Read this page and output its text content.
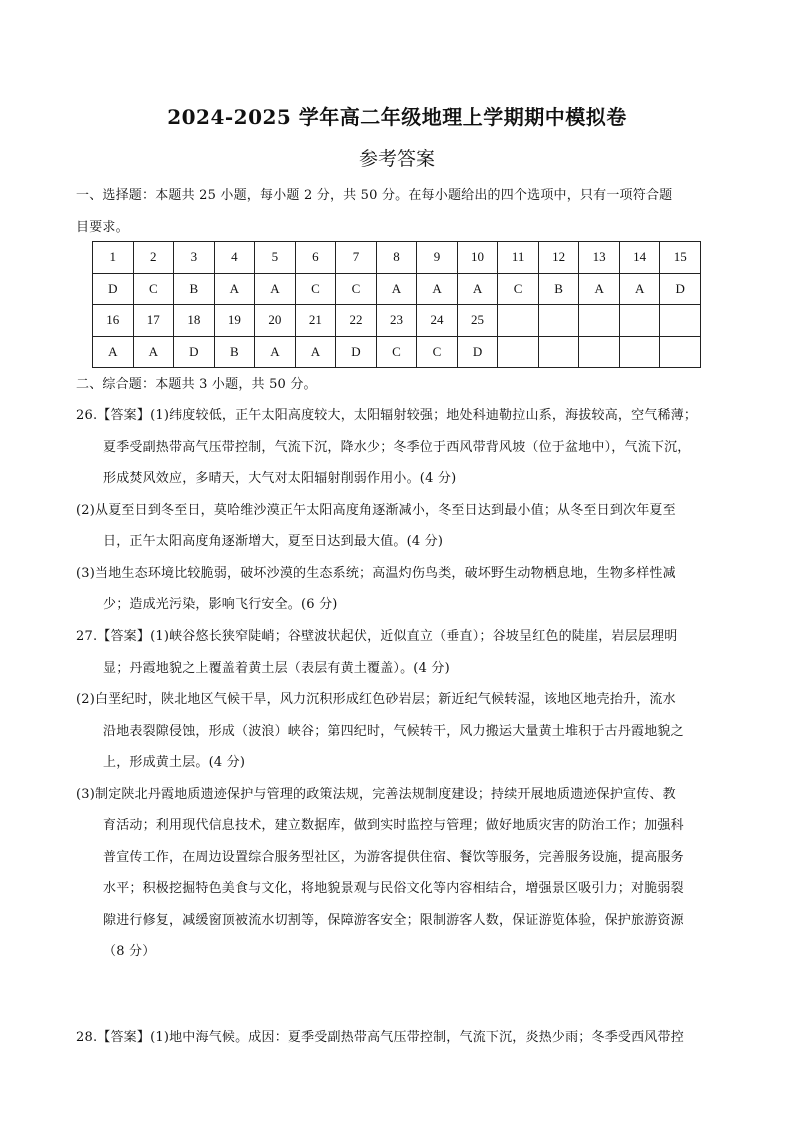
2024-2025 学年高二年级地理上学期期中模拟卷
参考答案
一、选择题：本题共 25 小题，每小题 2 分，共 50 分。在每小题给出的四个选项中，只有一项符合题
目要求。
1	2	3	4	5	6	7	8	9	10	11	12	13	14	15
D	C	B	A	A	C	C	A	A	A	C	B	A	A	D
16	17	18	19	20	21	22	23	24	25					
A	A	D	B	A	A	D	C	C	D					
二、综合题：本题共 3 小题，共 50 分。
26.【答案】(1)纬度较低，正午太阳高度较大，太阳辐射较强；地处科迪勒拉山系，海拔较高，空气稀薄；
夏季受副热带高气压带控制，气流下沉，降水少；冬季位于西风带背风坡（位于盆地中），气流下沉，
形成焚风效应，多晴天，大气对太阳辐射削弱作用小。(4 分)
(2)从夏至日到冬至日，莫哈维沙漠正午太阳高度角逐渐减小，冬至日达到最小值；从冬至日到次年夏至
日，正午太阳高度角逐渐增大，夏至日达到最大值。(4 分)
(3)当地生态环境比较脆弱，破坏沙漠的生态系统；高温灼伤鸟类，破坏野生动物栖息地，生物多样性减
少；造成光污染，影响飞行安全。(6 分)
27.【答案】(1)峡谷悠长狭窄陡峭；谷壁波状起伏，近似直立（垂直）；谷坡呈红色的陡崖，岩层层理明
显；丹霞地貌之上覆盖着黄土层（表层有黄土覆盖）。(4 分)
(2)白垩纪时，陕北地区气候干旱，风力沉积形成红色砂岩层；新近纪气候转湿，该地区地壳抬升，流水
沿地表裂隙侵蚀，形成（波浪）峡谷；第四纪时，气候转干，风力搬运大量黄土堆积于古丹霞地貌之
上，形成黄土层。(4 分)
(3)制定陕北丹霞地质遗迹保护与管理的政策法规，完善法规制度建设；持续开展地质遗迹保护宣传、教
育活动；利用现代信息技术，建立数据库，做到实时监控与管理；做好地质灾害的防治工作；加强科
普宣传工作，在周边设置综合服务型社区，为游客提供住宿、餐饮等服务，完善服务设施，提高服务
水平；积极挖掘特色美食与文化，将地貌景观与民俗文化等内容相结合，增强景区吸引力；对脆弱裂
隙进行修复，减缓窗顶被流水切割等，保障游客安全；限制游客人数，保证游览体验，保护旅游资源
（8 分）
28.【答案】(1)地中海气候。成因：夏季受副热带高气压带控制，气流下沉，炎热少雨；冬季受西风带控
